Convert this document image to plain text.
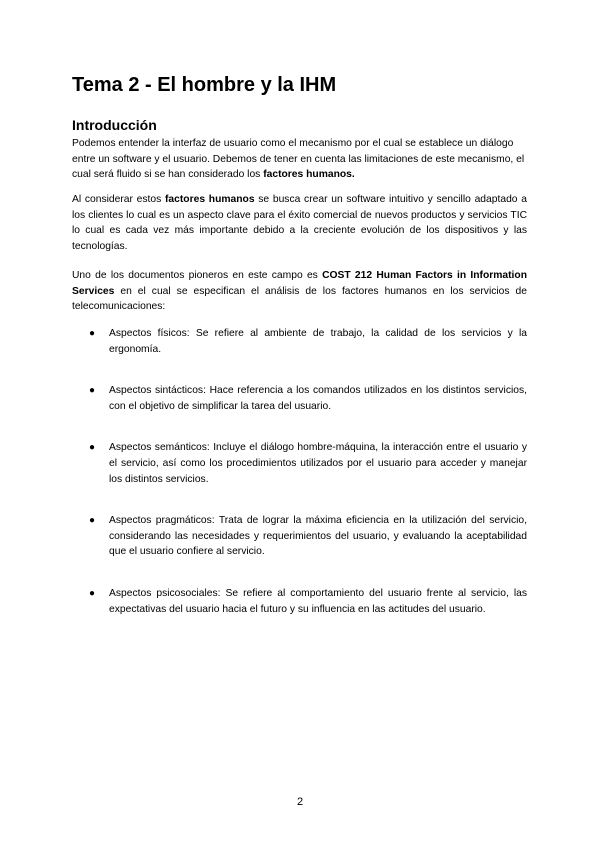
Tema 2 - El hombre y la IHM
Introducción

Podemos entender la interfaz de usuario como el mecanismo por el cual se establece un diálogo entre un software y el usuario. Debemos de tener en cuenta las limitaciones de este mecanismo, el cual será fluido si se han considerado los factores humanos.

Al considerar estos factores humanos se busca crear un software intuitivo y sencillo adaptado a los clientes lo cual es un aspecto clave para el éxito comercial de nuevos productos y servicios TIC lo cual es cada vez más importante debido a la creciente evolución de los dispositivos y las tecnologías.

Uno de los documentos pioneros en este campo es COST 212 Human Factors in Information Services en el cual se especifican el análisis de los factores humanos en los servicios de telecomunicaciones:

● Aspectos físicos: Se refiere al ambiente de trabajo, la calidad de los servicios y la ergonomía.
● Aspectos sintácticos: Hace referencia a los comandos utilizados en los distintos servicios, con el objetivo de simplificar la tarea del usuario.
● Aspectos semánticos: Incluye el diálogo hombre-máquina, la interacción entre el usuario y el servicio, así como los procedimientos utilizados por el usuario para acceder y manejar los distintos servicios.
● Aspectos pragmáticos: Trata de lograr la máxima eficiencia en la utilización del servicio, considerando las necesidades y requerimientos del usuario, y evaluando la aceptabilidad que el usuario confiere al servicio.
● Aspectos psicosociales: Se refiere al comportamiento del usuario frente al servicio, las expectativas del usuario hacia el futuro y su influencia en las actitudes del usuario.
2
